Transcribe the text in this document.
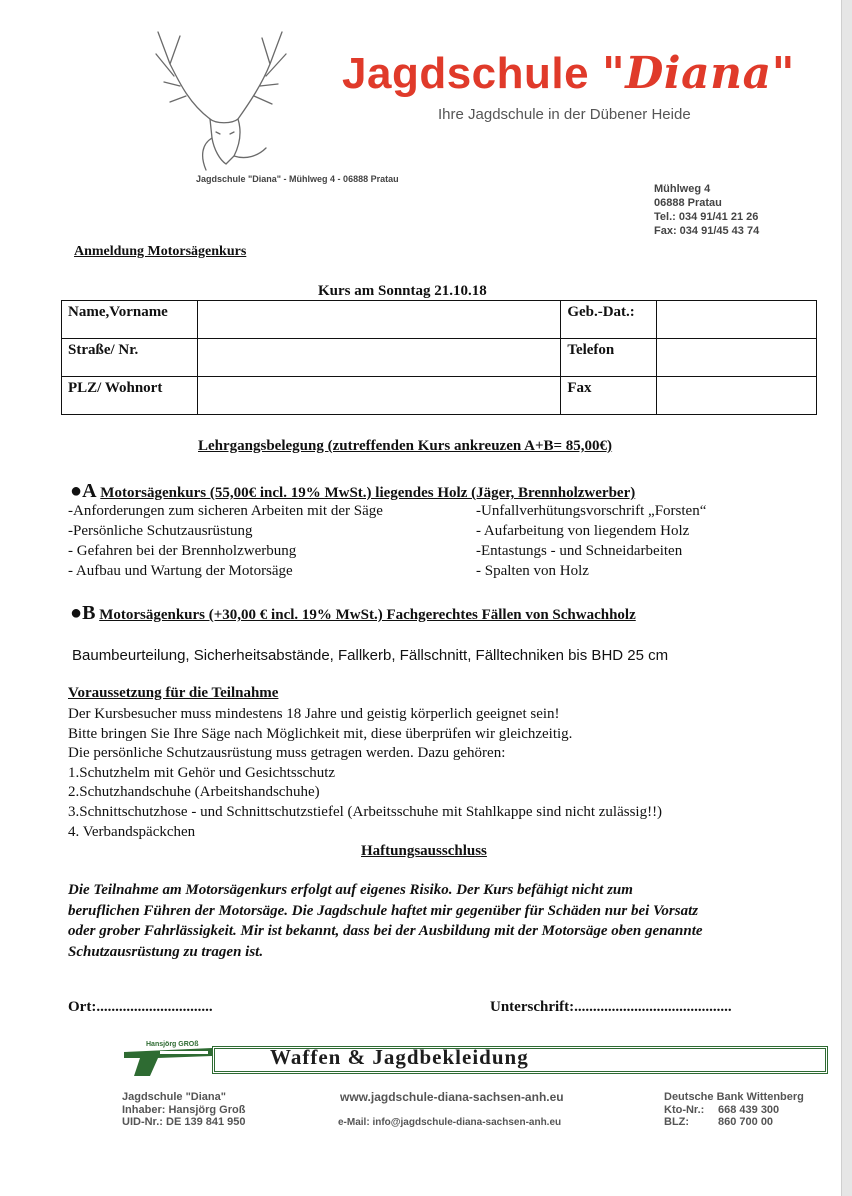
Jagdschule "Diana"
Ihre Jagdschule in der Dübener Heide
Jagdschule "Diana" - Mühlweg 4 - 06888 Pratau
Mühlweg 4
06888 Pratau
Tel.: 034 91/41 21 26
Fax: 034 91/45 43 74
Anmeldung Motorsägenkurs
Kurs am Sonntag 21.10.18
Name,Vorname		Geb.-Dat.:	
Straße/ Nr.		Telefon	
PLZ/ Wohnort		Fax	
Lehrgangsbelegung (zutreffenden Kurs ankreuzen A+B= 85,00€)
●A Motorsägenkurs (55,00€ incl. 19% MwSt.) liegendes Holz (Jäger, Brennholzwerber)
-Anforderungen zum sicheren Arbeiten mit der Säge
-Persönliche Schutzausrüstung
- Gefahren bei der Brennholzwerbung
- Aufbau und Wartung der Motorsäge
-Unfallverhütungsvorschrift „Forsten“
- Aufarbeitung von liegendem Holz
-Entastungs - und Schneidarbeiten
- Spalten von Holz
●B Motorsägenkurs (+30,00 € incl. 19% MwSt.) Fachgerechtes Fällen von Schwachholz
Baumbeurteilung, Sicherheitsabstände, Fallkerb, Fällschnitt, Fälltechniken bis BHD 25 cm
Voraussetzung für die Teilnahme
Der Kursbesucher muss mindestens 18 Jahre und geistig körperlich geeignet sein!
Bitte bringen Sie Ihre Säge nach Möglichkeit mit, diese überprüfen wir gleichzeitig.
Die persönliche Schutzausrüstung muss getragen werden. Dazu gehören:
1.Schutzhelm mit Gehör und Gesichtsschutz
2.Schutzhandschuhe (Arbeitshandschuhe)
3.Schnittschutzhose - und Schnittschutzstiefel (Arbeitsschuhe mit Stahlkappe sind nicht zulässig!!)
4. Verbandspäckchen
Haftungsausschluss
Die Teilnahme am Motorsägenkurs erfolgt auf eigenes Risiko. Der Kurs befähigt nicht zum
beruflichen Führen der Motorsäge. Die Jagdschule haftet mir gegenüber für Schäden nur bei Vorsatz
oder grober Fahrlässigkeit. Mir ist bekannt, dass bei der Ausbildung mit der Motorsäge oben genannte
Schutzausrüstung zu tragen ist.
Ort:...............................	Unterschrift:..........................................
Hansjörg GROß
Waffen & Jagdbekleidung
Jagdschule "Diana"
Inhaber: Hansjörg Groß
UID-Nr.: DE 139 841 950
www.jagdschule-diana-sachsen-anh.eu
e-Mail: info@jagdschule-diana-sachsen-anh.eu
Deutsche Bank Wittenberg
Kto-Nr.: 668 439 300
BLZ:	860 700 00
